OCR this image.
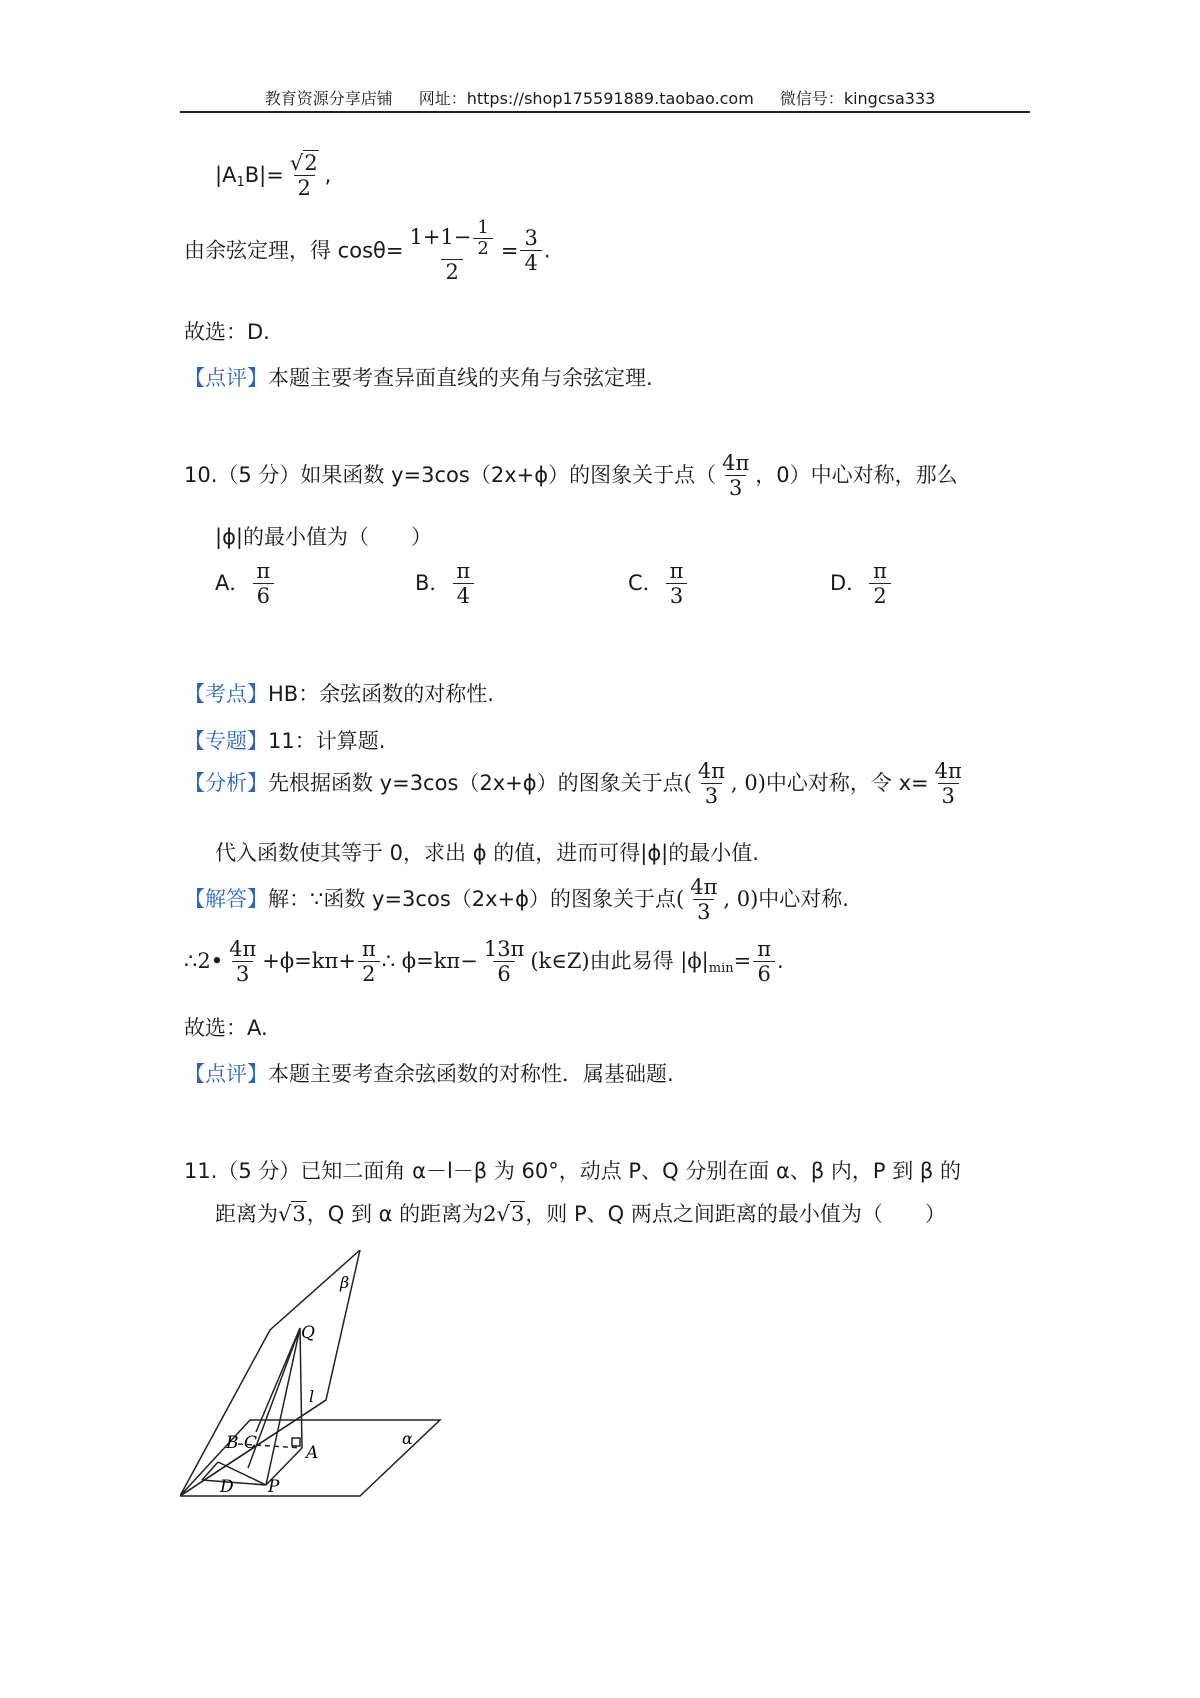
教育资源分享店铺 网址：https://shop175591889.taobao.com 微信号：kingcsa333
$|A_1B|= \frac{√2}{2}$ ,
由余弦定理，得 $\cos\theta= \frac{1+1- \frac{1}{2}}{2} = \frac{3}{4}$ .
故选：D.
【点评】本题主要考查异面直线的夹角与余弦定理.
10.（5 分）如果函数 y=3cos（2x+ϕ）的图象关于点（ $\frac{4\pi}{3}$ ，0）中心对称，那么
|ϕ|的最小值为（　　）
A． $\frac{\pi}{6}$	B． $\frac{\pi}{4}$	C． $\frac{\pi}{3}$	D． $\frac{\pi}{2}$
【考点】HB：余弦函数的对称性.
【专题】11：计算题.
【分析】先根据函数 y=3cos（2x+ϕ）的图象关于点( $\frac{4\pi}{3}$ , 0)中心对称，令 $x= \frac{4\pi}{3}$
代入函数使其等于 0，求出 ϕ 的值，进而可得|ϕ|的最小值.
【解答】解：∵函数 y=3cos（2x+ϕ）的图象关于点( $\frac{4\pi}{3}$ , 0)中心对称.
∴2• $\frac{4\pi}{3} +\phi=k\pi+ \frac{\pi}{2}$ ∴ $\phi=k\pi- \frac{13\pi}{6}$ (k∈Z)由此易得 $|\phi|_{min}= \frac{\pi}{6}$ .
故选：A.
【点评】本题主要考查余弦函数的对称性．属基础题.
11.（5 分）已知二面角 α－l－β 为 60°，动点 P、Q 分别在面 α、β 内，P 到 β 的
距离为√3，Q 到 α 的距离为2√3，则 P、Q 两点之间距离的最小值为（　　）
β
α
Q
l
B C	A
D P
